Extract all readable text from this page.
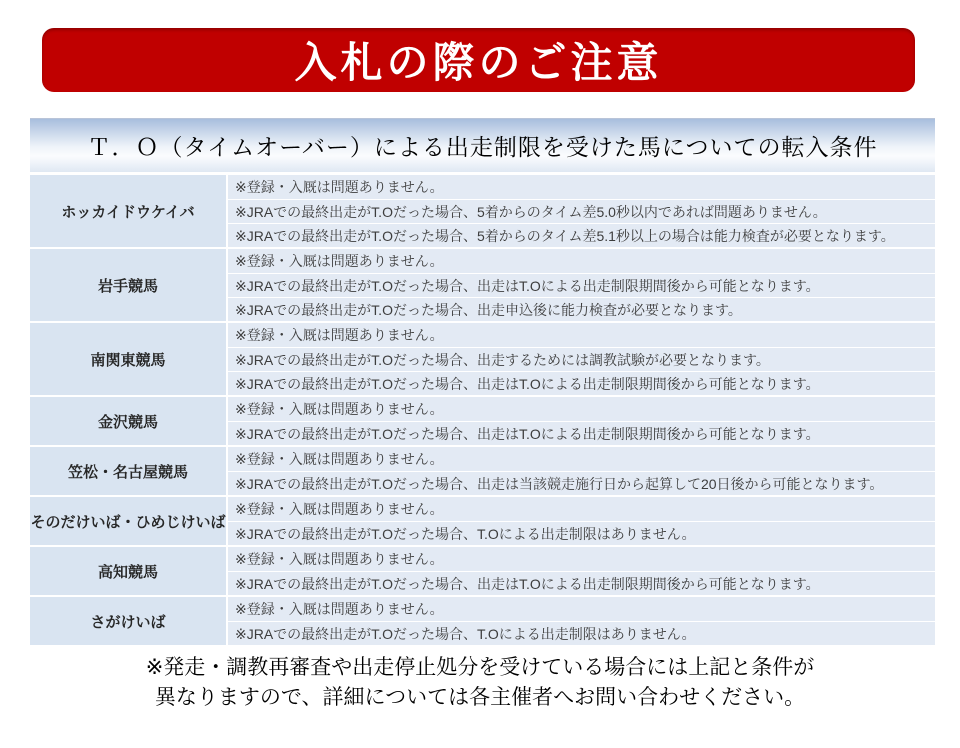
入札の際のご注意
Ｔ．Ｏ（タイムオーバー）による出走制限を受けた馬についての転入条件
ホッカイドウケイバ
※登録・入厩は問題ありません。
※JRAでの最終出走がT.Oだった場合、5着からのタイム差5.0秒以内であれば問題ありません。
※JRAでの最終出走がT.Oだった場合、5着からのタイム差5.1秒以上の場合は能力検査が必要となります。
岩手競馬
※登録・入厩は問題ありません。
※JRAでの最終出走がT.Oだった場合、出走はT.Oによる出走制限期間後から可能となります。
※JRAでの最終出走がT.Oだった場合、出走申込後に能力検査が必要となります。
南関東競馬
※登録・入厩は問題ありません。
※JRAでの最終出走がT.Oだった場合、出走するためには調教試験が必要となります。
※JRAでの最終出走がT.Oだった場合、出走はT.Oによる出走制限期間後から可能となります。
金沢競馬
※登録・入厩は問題ありません。
※JRAでの最終出走がT.Oだった場合、出走はT.Oによる出走制限期間後から可能となります。
笠松・名古屋競馬
※登録・入厩は問題ありません。
※JRAでの最終出走がT.Oだった場合、出走は当該競走施行日から起算して20日後から可能となります。
そのだけいば・ひめじけいば
※登録・入厩は問題ありません。
※JRAでの最終出走がT.Oだった場合、T.Oによる出走制限はありません。
高知競馬
※登録・入厩は問題ありません。
※JRAでの最終出走がT.Oだった場合、出走はT.Oによる出走制限期間後から可能となります。
さがけいば
※登録・入厩は問題ありません。
※JRAでの最終出走がT.Oだった場合、T.Oによる出走制限はありません。
※発走・調教再審査や出走停止処分を受けている場合には上記と条件が
異なりますので、詳細については各主催者へお問い合わせください。
